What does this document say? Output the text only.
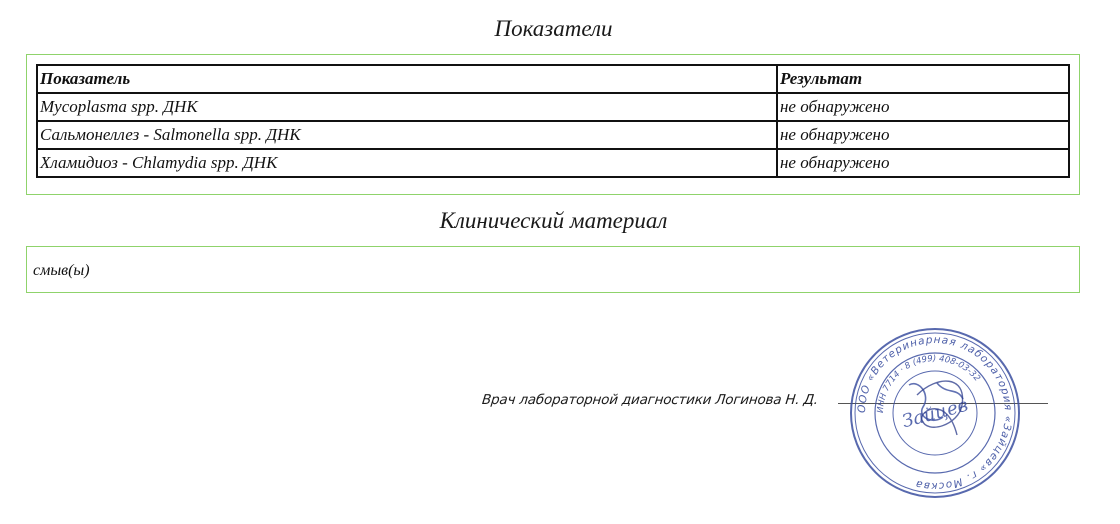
Показатели
Показатель	Результат
Mycoplasma spp. ДНК	не обнаружено
Сальмонеллез - Salmonella spp. ДНК	не обнаружено
Хламидиоз - Chlamydia spp. ДНК	не обнаружено
Клинический материал
смыв(ы)
Врач лабораторной диагностики Логинова Н. Д.
ООО «Ветеринарная лаборатория «Зайцев» г. Москва
ИНН 7714 · 8 (499) 408-03-32
Зайцев
